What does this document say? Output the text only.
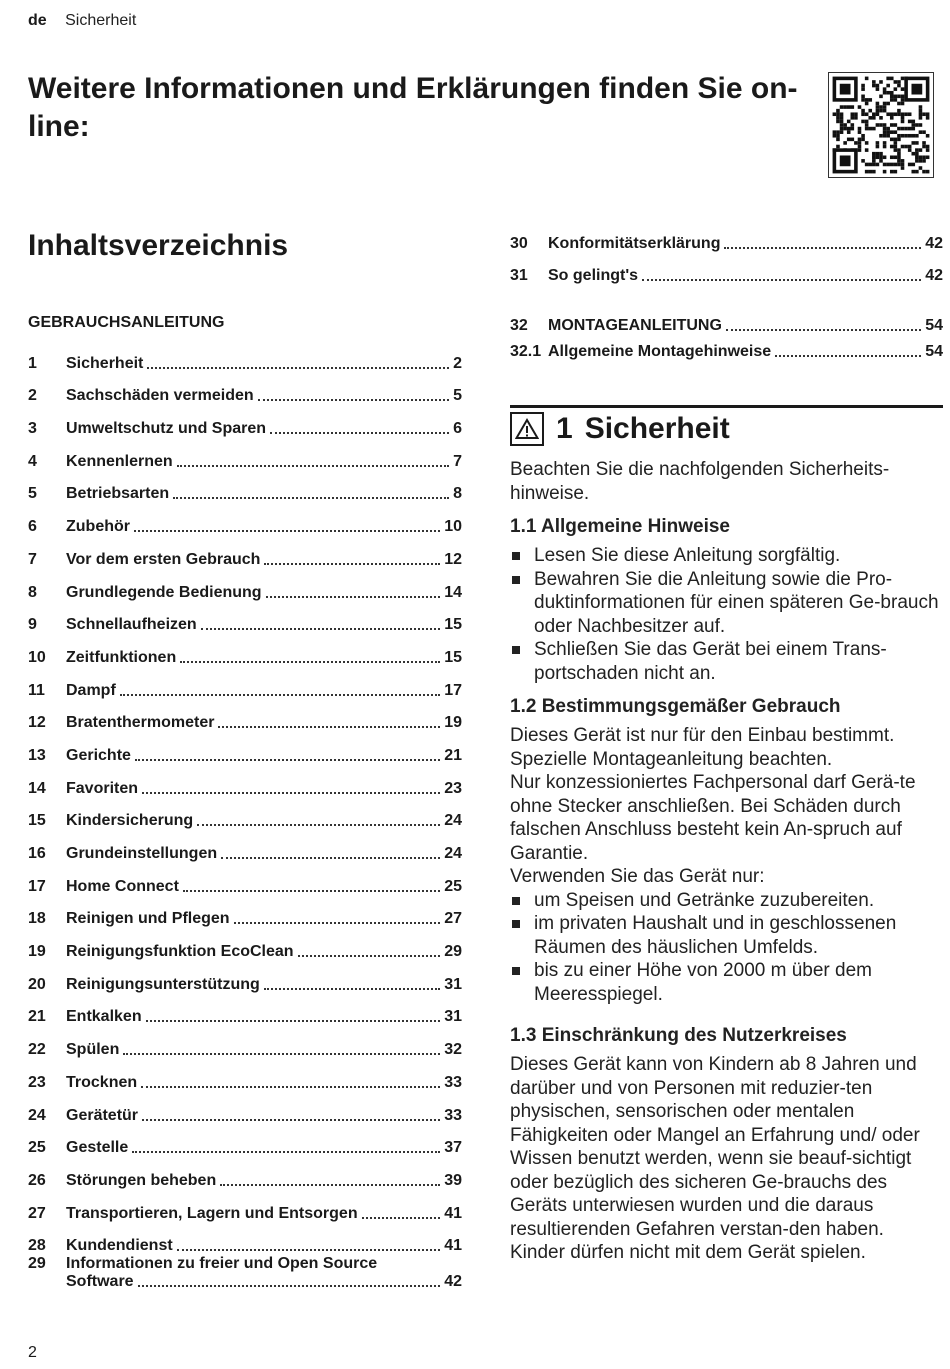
de Sicherheit
Weitere Informationen und Erklärungen finden Sie on-line:
Inhaltsverzeichnis
GEBRAUCHSANLEITUNG
1	Sicherheit	2
2	Sachschäden vermeiden	5
3	Umweltschutz und Sparen	6
4	Kennenlernen	7
5	Betriebsarten	8
6	Zubehör	10
7	Vor dem ersten Gebrauch	12
8	Grundlegende Bedienung	14
9	Schnellaufheizen	15
10	Zeitfunktionen	15
11	Dampf	17
12	Bratenthermometer	19
13	Gerichte	21
14	Favoriten	23
15	Kindersicherung	24
16	Grundeinstellungen	24
17	Home Connect	25
18	Reinigen und Pflegen	27
19	Reinigungsfunktion EcoClean	29
20	Reinigungsunterstützung	31
21	Entkalken	31
22	Spülen	32
23	Trocknen	33
24	Gerätetür	33
25	Gestelle	37
26	Störungen beheben	39
27	Transportieren, Lagern und Entsorgen	41
28	Kundendienst	41
29	Informationen zu freier und Open Source
Software	42
30	Konformitätserklärung	42
31	So gelingt's	42
32	MONTAGEANLEITUNG	54
32.1 Allgemeine Montagehinweise	54
1 Sicherheit

Beachten Sie die nachfolgenden Sicherheits-hinweise.

1.1 Allgemeine Hinweise
Lesen Sie diese Anleitung sorgfältig.
Bewahren Sie die Anleitung sowie die Pro-duktinformationen für einen späteren Ge-brauch oder Nachbesitzer auf.
Schließen Sie das Gerät bei einem Trans-portschaden nicht an.
1.2 Bestimmungsgemäßer Gebrauch

Dieses Gerät ist nur für den Einbau bestimmt. Spezielle Montageanleitung beachten.

Nur konzessioniertes Fachpersonal darf Gerä-te ohne Stecker anschließen. Bei Schäden durch falschen Anschluss besteht kein An-spruch auf Garantie.

Verwenden Sie das Gerät nur:

um Speisen und Getränke zuzubereiten.
im privaten Haushalt und in geschlossenen Räumen des häuslichen Umfelds.
bis zu einer Höhe von 2000 m über dem Meeresspiegel.
1.3 Einschränkung des Nutzerkreises

Dieses Gerät kann von Kindern ab 8 Jahren und darüber und von Personen mit reduzier-ten physischen, sensorischen oder mentalen Fähigkeiten oder Mangel an Erfahrung und/ oder Wissen benutzt werden, wenn sie beauf-sichtigt oder bezüglich des sicheren Ge-brauchs des Geräts unterwiesen wurden und die daraus resultierenden Gefahren verstan-den haben.

Kinder dürfen nicht mit dem Gerät spielen.

2
